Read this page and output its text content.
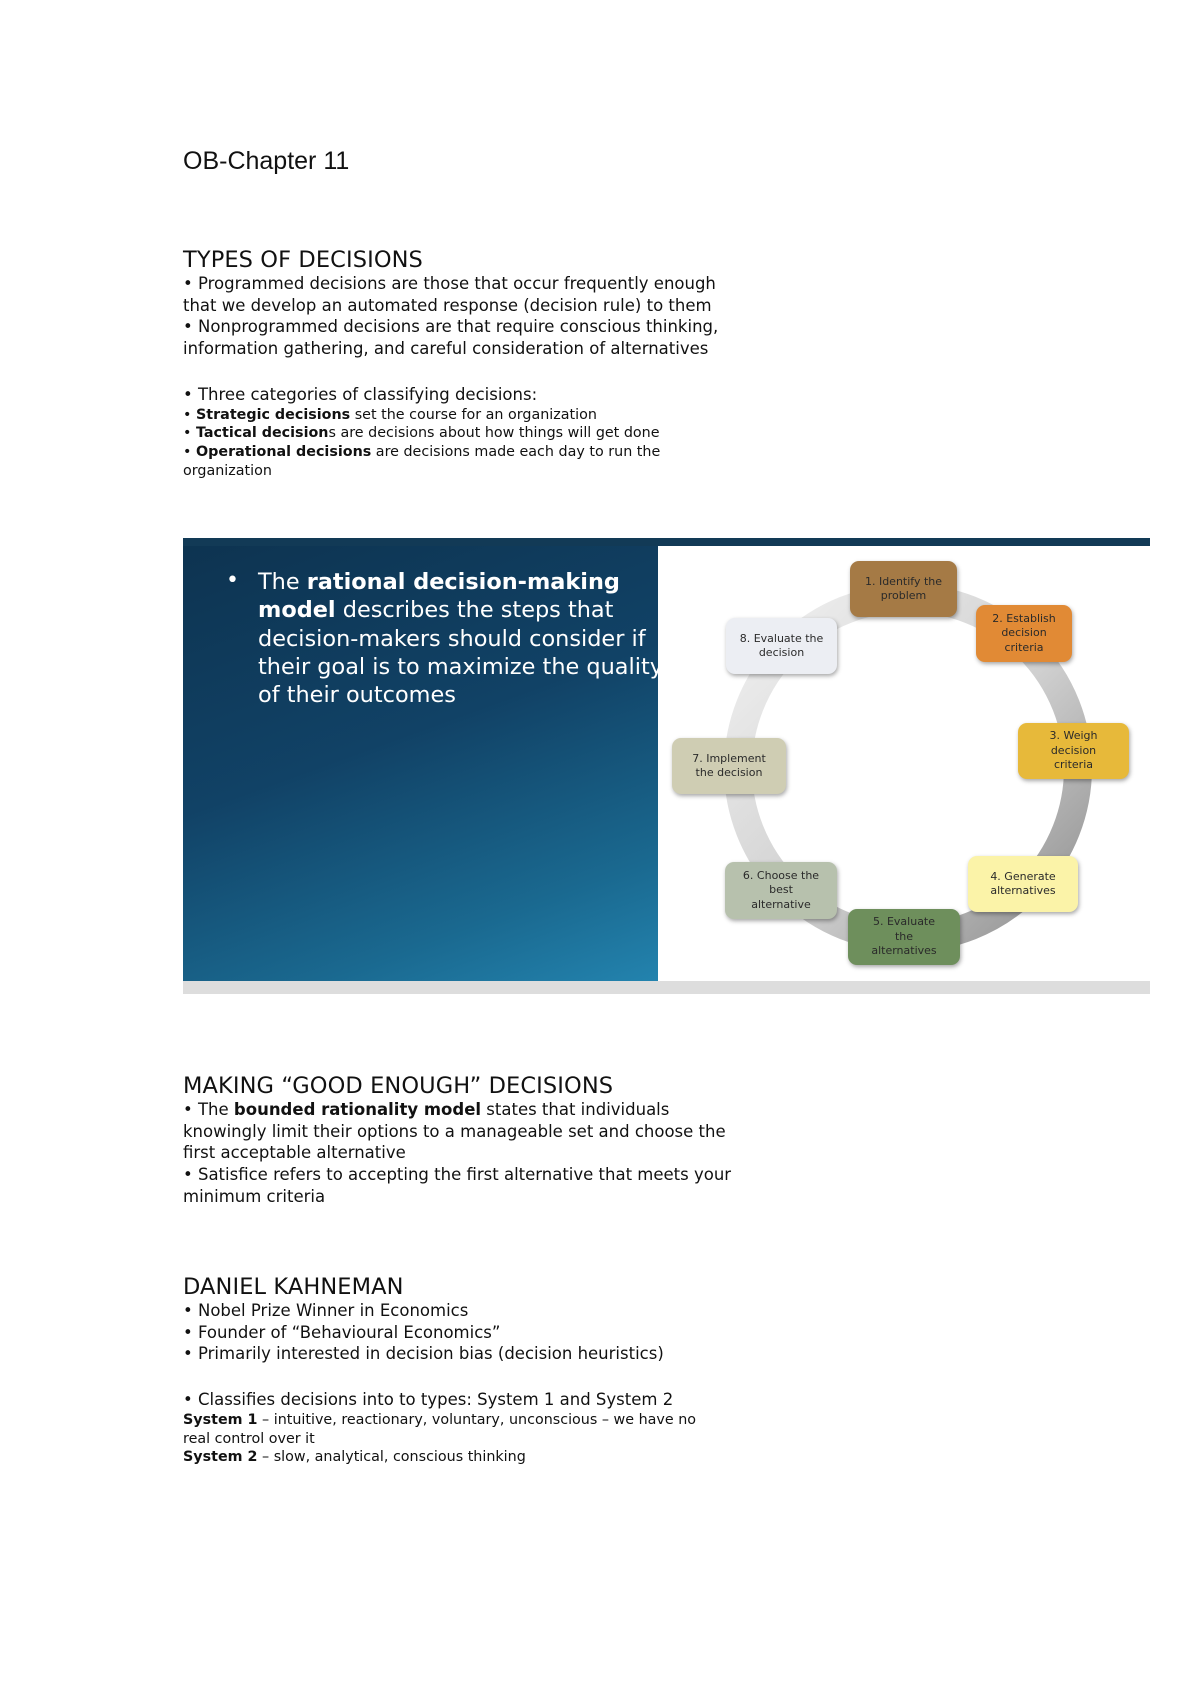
OB-Chapter 11
TYPES OF DECISIONS

• Programmed decisions are those that occur frequently enough

that we develop an automated response (decision rule) to them

• Nonprogrammed decisions are that require conscious thinking,

information gathering, and careful consideration of alternatives

• Three categories of classifying decisions:

• Strategic decisions set the course for an organization

• Tactical decisions are decisions about how things will get done

• Operational decisions are decisions made each day to run the

organization

• The rational decision-making model describes the steps that decision-makers should consider if their goal is to maximize the quality of their outcomes

1. Identify the
problem
2. Establish
decision
criteria
3. Weigh
decision
criteria
4. Generate
alternatives
5. Evaluate
the
alternatives
6. Choose the
best
alternative
7. Implement
the decision
8. Evaluate the
decision
MAKING “GOOD ENOUGH” DECISIONS

• The bounded rationality model states that individuals

knowingly limit their options to a manageable set and choose the

first acceptable alternative

• Satisfice refers to accepting the first alternative that meets your

minimum criteria

DANIEL KAHNEMAN

• Nobel Prize Winner in Economics

• Founder of “Behavioural Economics”

• Primarily interested in decision bias (decision heuristics)

• Classifies decisions into to types: System 1 and System 2

System 1 – intuitive, reactionary, voluntary, unconscious – we have no

real control over it

System 2 – slow, analytical, conscious thinking
